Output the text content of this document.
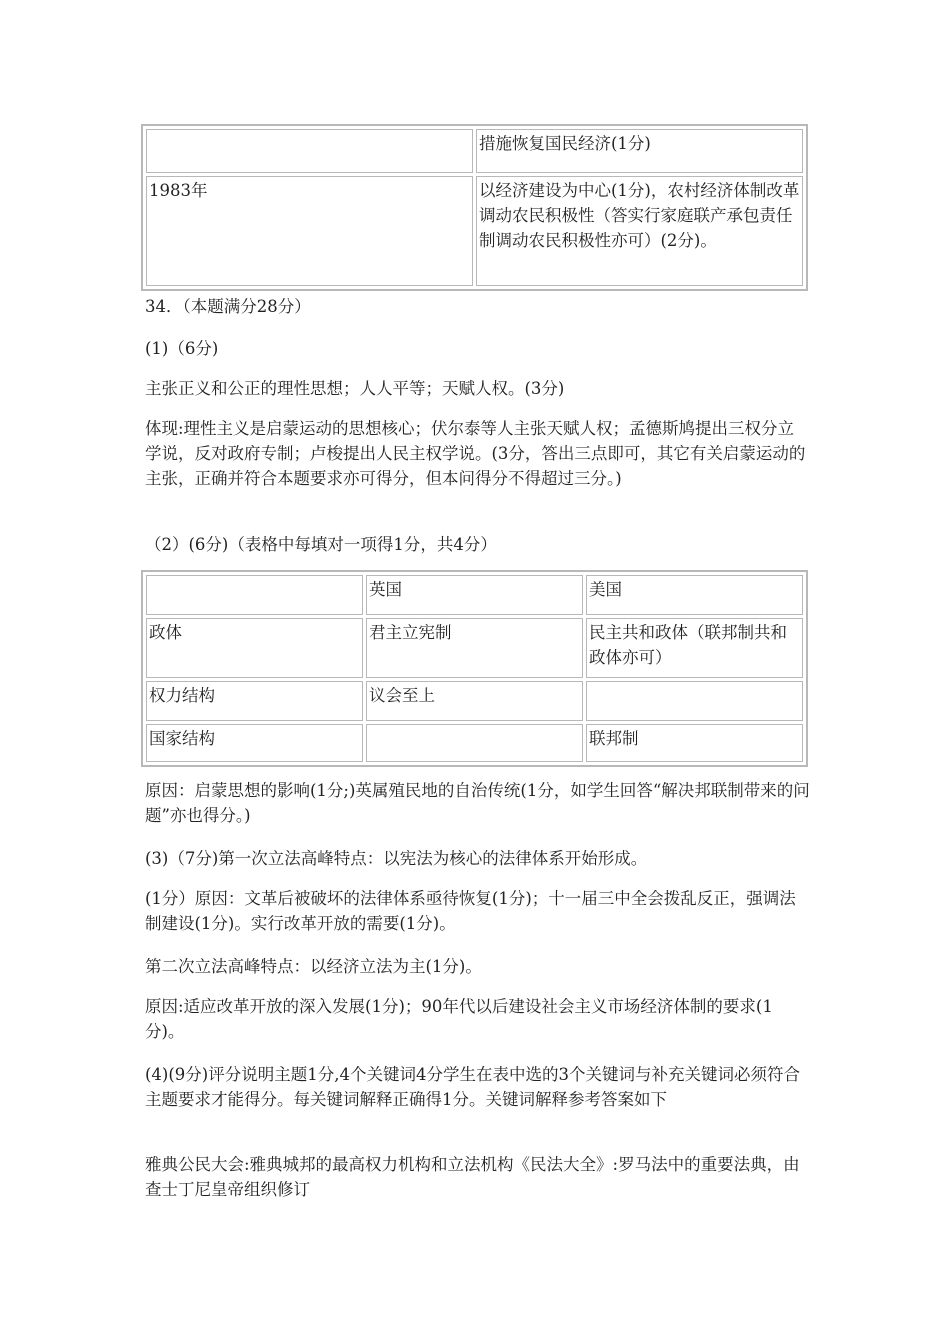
	措施恢复国民经济(1分)
1983年	以经济建设为中心(1分)，农村经济体制改革调动农民积极性（答实行家庭联产承包责任制调动农民积极性亦可）(2分)。

34．（本题满分28分）

(1)（6分)

主张正义和公正的理性思想；人人平等；天赋人权。(3分)

体现:理性主义是启蒙运动的思想核心；伏尔泰等人主张天赋人权；孟德斯鸠提出三权分立学说，反对政府专制；卢梭提出人民主权学说。(3分，答出三点即可，其它有关启蒙运动的主张，正确并符合本题要求亦可得分，但本问得分不得超过三分。)

（2）(6分)（表格中每填对一项得1分，共4分）

	英国	美国
政体	君主立宪制	民主共和政体（联邦制共和政体亦可）
权力结构	议会至上	
国家结构		联邦制

原因：启蒙思想的影响(1分;)英属殖民地的自治传统(1分，如学生回答“解决邦联制带来的问题”亦也得分。)

(3)（7分)第一次立法高峰特点：以宪法为核心的法律体系开始形成。

(1分）原因：文革后被破坏的法律体系亟待恢复(1分)；十一届三中全会拨乱反正，强调法制建设(1分)。实行改革开放的需要(1分)。

第二次立法高峰特点：以经济立法为主(1分)。

原因:适应改革开放的深入发展(1分)；90年代以后建设社会主义市场经济体制的要求(1分)。

(4)(9分)评分说明主题1分,4个关键词4分学生在表中选的3个关键词与补充关键词必须符合主题要求才能得分。每关键词解释正确得1分。关键词解释参考答案如下

雅典公民大会:雅典城邦的最高权力机构和立法机构《民法大全》:罗马法中的重要法典，由查士丁尼皇帝组织修订
